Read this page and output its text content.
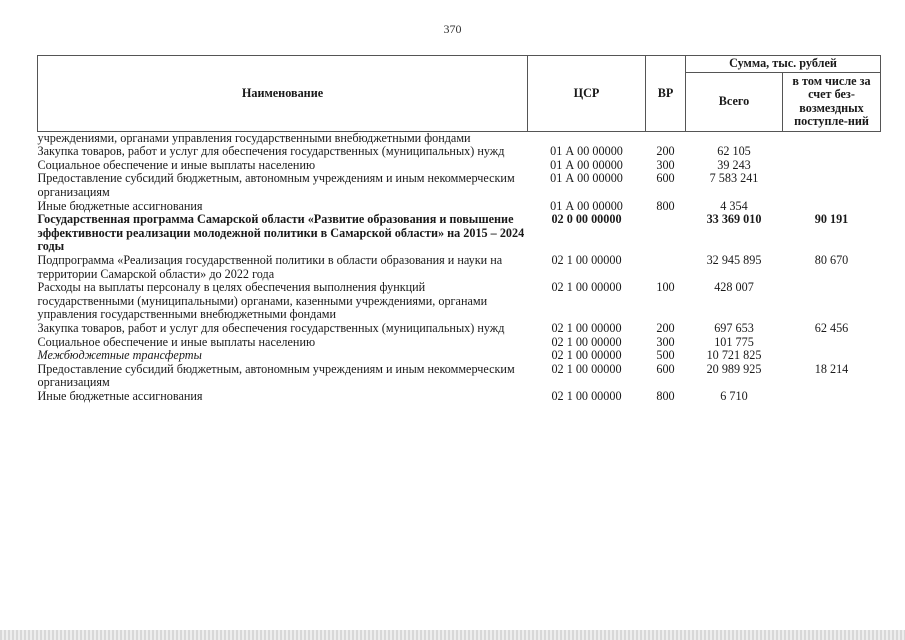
370
Наименование	ЦСР	ВР	Сумма, тыс. рублей	
			Всего	в том числе за счет без-возмездных поступле-ний
учреждениями, органами управления государственными внебюджетными фондами				
Закупка товаров, работ и услуг для обеспечения государственных (муниципальных) нужд	01 А 00 00000	200	62 105	
Социальное обеспечение и иные выплаты населению	01 А 00 00000	300	39 243	
Предоставление субсидий бюджетным, автономным учреждениям и иным некоммерческим организациям	01 А 00 00000	600	7 583 241	
Иные бюджетные ассигнования	01 А 00 00000	800	4 354	
Государственная программа Самарской области «Развитие образования и повышение эффективности реализации молодежной политики в Самарской области» на 2015 – 2024 годы	02 0 00 00000		33 369 010	90 191
Подпрограмма «Реализация государственной политики в области образования и науки на территории Самарской области» до 2022 года	02 1 00 00000		32 945 895	80 670
Расходы на выплаты персоналу в целях обеспечения выполнения функций государственными (муниципальными) органами, казенными учреждениями, органами управления государственными внебюджетными фондами	02 1 00 00000	100	428 007	
Закупка товаров, работ и услуг для обеспечения государственных (муниципальных) нужд	02 1 00 00000	200	697 653	62 456
Социальное обеспечение и иные выплаты населению	02 1 00 00000	300	101 775	
Межбюджетные трансферты	02 1 00 00000	500	10 721 825	
Предоставление субсидий бюджетным, автономным учреждениям и иным некоммерческим организациям	02 1 00 00000	600	20 989 925	18 214
Иные бюджетные ассигнования	02 1 00 00000	800	6 710	
